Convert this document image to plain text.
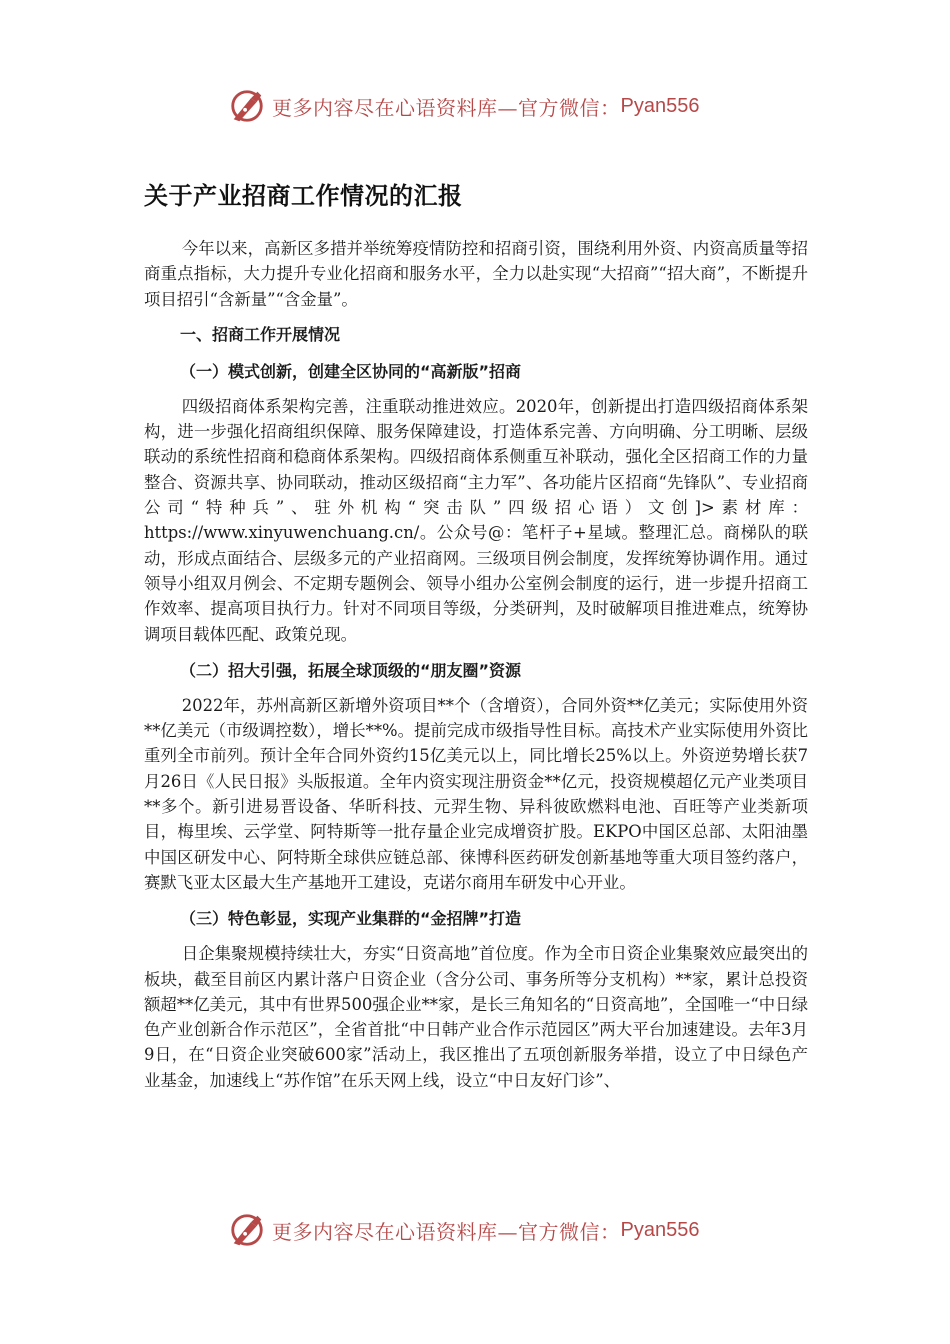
更多内容尽在心语资料库—官方微信： Pyan556
关于产业招商工作情况的汇报

今年以来，高新区多措并举统筹疫情防控和招商引资，围绕利用外资、内资高质量等招商重点指标，大力提升专业化招商和服务水平，全力以赴实现“大招商”“招大商”，不断提升项目招引“含新量”“含金量”。

一、招商工作开展情况
（一）模式创新，创建全区协同的“高新版”招商

四级招商体系架构完善，注重联动推进效应。2020年，创新提出打造四级招商体系架构，进一步强化招商组织保障、服务保障建设，打造体系完善、方向明确、分工明晰、层级联动的系统性招商和稳商体系架构。四级招商体系侧重互补联动，强化全区招商工作的力量整合、资源共享、协同联动，推动区级招商“主力军”、各功能片区招商“先锋队”、专业招商公司“特种兵”、驻外机构“突击队”四级招心语）文创]>素材库：https://www.xinyuwenchuang.cn/。公众号@：笔杆子+星域。整理汇总。商梯队的联动，形成点面结合、层级多元的产业招商网。三级项目例会制度，发挥统筹协调作用。通过领导小组双月例会、不定期专题例会、领导小组办公室例会制度的运行，进一步提升招商工作效率、提高项目执行力。针对不同项目等级，分类研判，及时破解项目推进难点，统筹协调项目载体匹配、政策兑现。

（二）招大引强，拓展全球顶级的“朋友圈”资源

2022年，苏州高新区新增外资项目**个（含增资），合同外资**亿美元；实际使用外资**亿美元（市级调控数），增长**%。提前完成市级指导性目标。高技术产业实际使用外资比重列全市前列。预计全年合同外资约15亿美元以上，同比增长25%以上。外资逆势增长获7月26日《人民日报》头版报道。全年内资实现注册资金**亿元，投资规模超亿元产业类项目**多个。新引进易晋设备、华昕科技、元羿生物、异科彼欧燃料电池、百旺等产业类新项目，梅里埃、云学堂、阿特斯等一批存量企业完成增资扩股。EKPO中国区总部、太阳油墨中国区研发中心、阿特斯全球供应链总部、徕博科医药研发创新基地等重大项目签约落户，赛默飞亚太区最大生产基地开工建设，克诺尔商用车研发中心开业。

（三）特色彰显，实现产业集群的“金招牌”打造

日企集聚规模持续壮大，夯实“日资高地”首位度。作为全市日资企业集聚效应最突出的板块，截至目前区内累计落户日资企业（含分公司、事务所等分支机构）**家，累计总投资额超**亿美元，其中有世界500强企业**家，是长三角知名的“日资高地”，全国唯一“中日绿色产业创新合作示范区”，全省首批“中日韩产业合作示范园区”两大平台加速建设。去年3月9日，在“日资企业突破600家”活动上，我区推出了五项创新服务举措，设立了中日绿色产业基金，加速线上“苏作馆”在乐天网上线，设立“中日友好门诊”、

更多内容尽在心语资料库—官方微信： Pyan556
